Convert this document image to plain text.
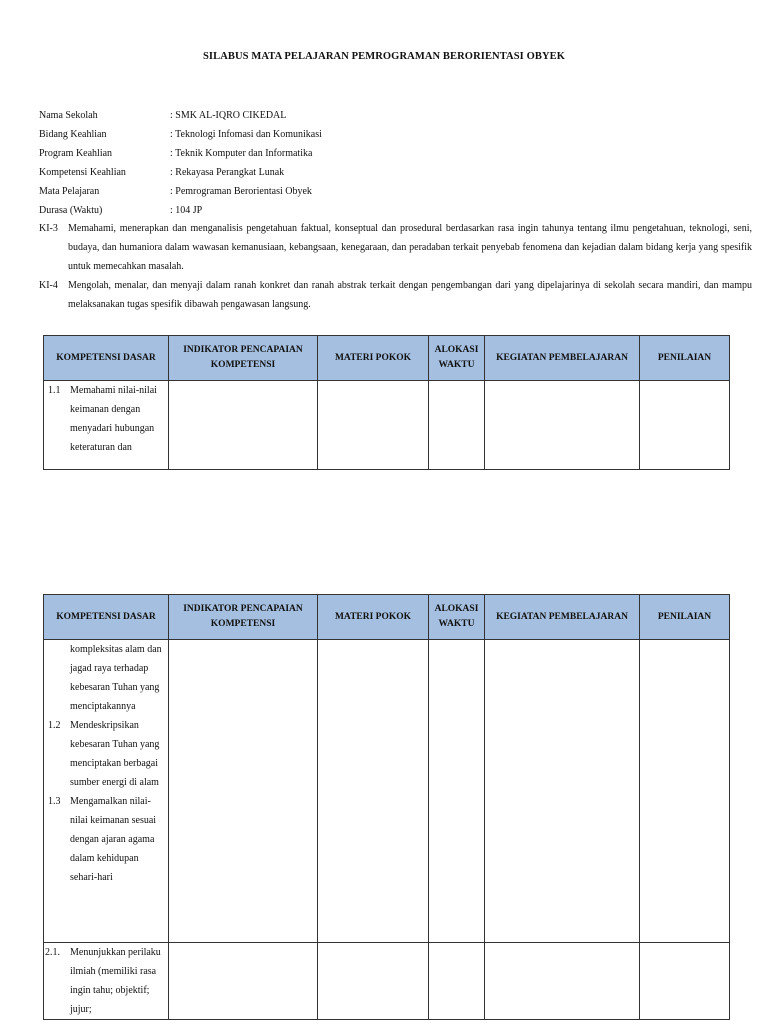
SILABUS MATA PELAJARAN PEMROGRAMAN BERORIENTASI OBYEK
Nama Sekolah	: SMK AL-IQRO CIKEDAL
Bidang Keahlian	: Teknologi Infomasi dan Komunikasi
Program Keahlian	: Teknik Komputer dan Informatika
Kompetensi Keahlian	: Rekayasa Perangkat Lunak
Mata Pelajaran	: Pemrograman Berorientasi Obyek
Durasa (Waktu)	: 104 JP
KI-3 Memahami, menerapkan dan menganalisis pengetahuan faktual, konseptual dan prosedural berdasarkan rasa ingin tahunya tentang ilmu pengetahuan, teknologi, seni, budaya, dan humaniora dalam wawasan kemanusiaan, kebangsaan, kenegaraan, dan peradaban terkait penyebab fenomena dan kejadian dalam bidang kerja yang spesifik untuk memecahkan masalah.
KI-4 Mengolah, menalar, dan menyaji dalam ranah konkret dan ranah abstrak terkait dengan pengembangan dari yang dipelajarinya di sekolah secara mandiri, dan mampu melaksanakan tugas spesifik dibawah pengawasan langsung.
KOMPETENSI DASAR	INDIKATOR PENCAPAIAN KOMPETENSI	MATERI POKOK	ALOKASI WAKTU	KEGIATAN PEMBELAJARAN	PENILAIAN

1.1 Memahami nilai-nilai keimanan dengan menyadari hubungan keteraturan dan					

KOMPETENSI DASAR	INDIKATOR PENCAPAIAN KOMPETENSI	MATERI POKOK	ALOKASI WAKTU	KEGIATAN PEMBELAJARAN	PENILAIAN

kompleksitas alam dan jagad raya terhadap kebesaran Tuhan yang menciptakannya
1.2 Mendeskripsikan kebesaran Tuhan yang menciptakan berbagai sumber energi di alam
1.3 Mengamalkan nilai-nilai keimanan sesuai dengan ajaran agama dalam kehidupan sehari-hari					

2.1. Menunjukkan perilaku ilmiah (memiliki rasa ingin tahu; objektif; jujur;					
